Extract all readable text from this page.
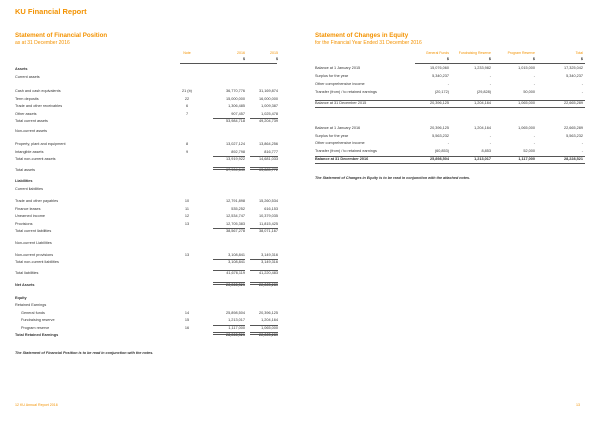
KU Financial Report
Statement of Financial Position
as at 31 December 2016
Note	2016	2015
$	$
Assets
Current assets
Cash and cash equivalents	21 (b)	36,770,776	31,169,874
Term deposits	22	15,000,000	16,000,000
Trade and other receivables	6	1,306,485	1,009,387
Other assets	7	907,457	1,025,478
Total current assets	53,984,718	49,204,739
Non-current assets
Property, plant and equipment	8	13,027,124	13,864,256
Intangible assets	9	892,798	816,777
Total non-current assets	13,919,922	14,681,033
Total assets	67,904,640	63,885,772
Liabilities
Current liabilities
Trade and other payables	10	12,791,898	15,260,534
Finance leases	11	535,252	616,153
Unearned income	12	12,534,747	10,379,035
Provisions	13	12,705,383	11,815,425
Total current liabilities	38,567,278	38,071,167
Non-current Liabilities
Non-current provisions	13	3,108,841	3,149,316
Total non-current liabilities	3,108,841	3,149,316
Total liabilities	41,676,119	41,220,483
Net Assets	26,228,521	22,665,289
Equity
Retained Earnings
General funds	14	25,898,504	20,396,125
Fundraising reserve	15	1,213,017	1,204,164
Program reserve	16	1,117,000	1,065,000
Total Retained Earnings	28,228,521	22,665,289
The Statement of Financial Position is to be read in conjunction with the notes.
Statement of Changes in Equity
for the Financial Year Ended 31 December 2016
General Funds	Fundraising Reserve	Program Reserve	Total
$	$	$	$
Balance at 1 January 2015	15,076,060	1,233,982	1,015,000	17,325,042
Surplus for the year	5,340,237	-	-	5,340,237
Other comprehensive income	-	-	-	-
Transfer (from) / to retained earnings	(20,172)	(29,828)	50,000	-
Balance at 31 December 2015	20,396,125	1,204,164	1,065,000	22,665,289
Balance at 1 January 2016	20,396,125	1,204,164	1,065,000	22,665,289
Surplus for the year	5,563,232	-	-	5,563,232
Other comprehensive income	-	-	-	-
Transfer (from) / to retained earnings	(60,853)	8,853	52,000	-
Balance at 31 December 2016	25,898,504	1,213,017	1,117,000	28,228,521
The Statement of Changes in Equity is to be read in conjunction with the attached notes.
12 KU Annual Report 2016	13
